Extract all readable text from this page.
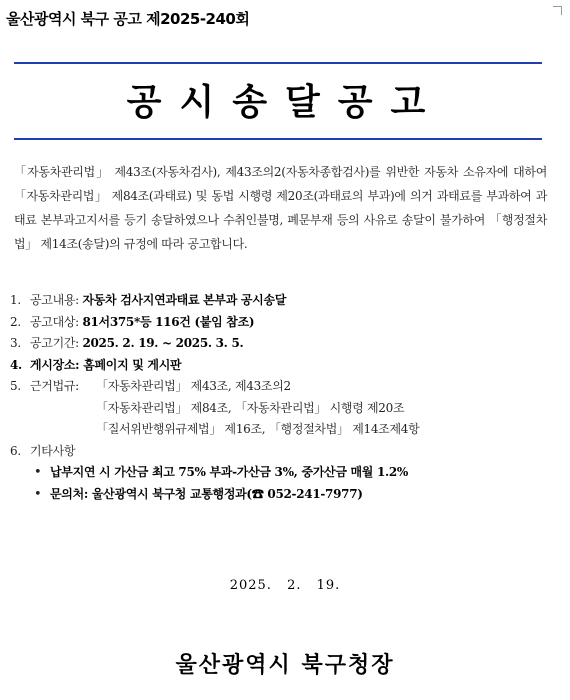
울산광역시 북구 공고 제2025-240회
공시송달공고
「자동차관리법」 제43조(자동차검사), 제43조의2(자동차종합검사)를 위반한 자동차 소유자에 대하여 「자동차관리법」 제84조(과태료) 및 동법 시행령 제20조(과태료의 부과)에 의거 과태료를 부과하여 과태료 본부과고지서를 등기 송달하였으나 수취인불명, 폐문부재 등의 사유로 송달이 불가하여 「행정절차법」 제14조(송달)의 규정에 따라 공고합니다.
1. 공고내용: 자동차 검사지연과태료 본부과 공시송달
2. 공고대상: 81서375*등 116건 (붙임 참조)
3. 공고기간: 2025. 2. 19. ~ 2025. 3. 5.
4. 게시장소: 홈페이지 및 게시판
5. 근거법규: 「자동차관리법」 제43조, 제43조의2
「자동차관리법」 제84조, 「자동차관리법」 시행령 제20조
「질서위반행위규제법」 제16조, 「행정절차법」 제14조제4항
6. 기타사항
• 납부지연 시 가산금 최고 75% 부과-가산금 3%, 중가산금 매월 1.2%
• 문의처: 울산광역시 북구청 교통행정과(☎ 052-241-7977)
2025. 2. 19.
울산광역시 북구청장
